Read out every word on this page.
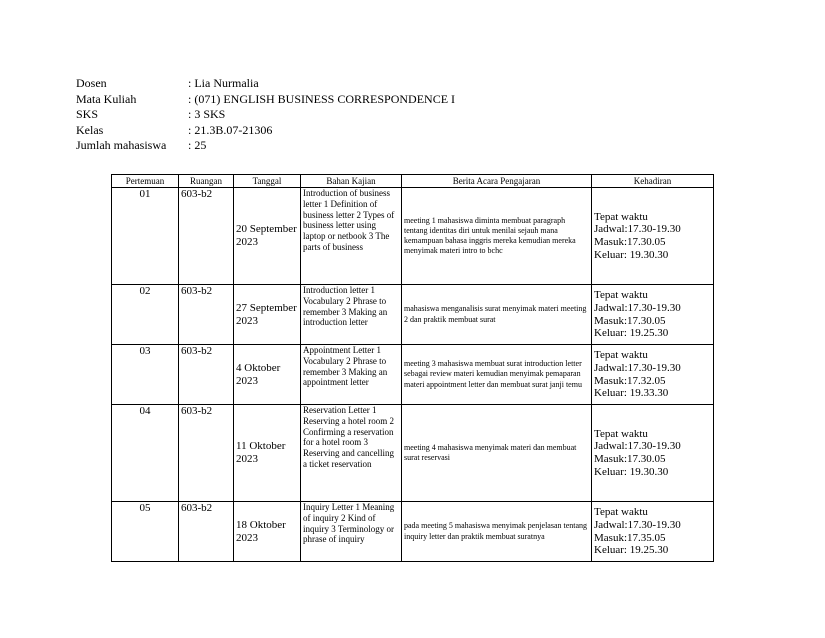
Dosen	: Lia Nurmalia
Mata Kuliah	: (071) ENGLISH BUSINESS CORRESPONDENCE I
SKS	: 3 SKS
Kelas	: 21.3B.07-21306
Jumlah mahasiswa	: 25
Pertemuan	Ruangan	Tanggal	Bahan Kajian	Berita Acara Pengajaran	Kehadiran
01	603-b2	20 September 2023	Introduction of business letter 1 Definition of business letter 2 Types of business letter using laptop or netbook 3 The parts of business	meeting 1 mahasiswa diminta membuat paragraph tentang identitas diri untuk menilai sejauh mana kemampuan bahasa inggris mereka kemudian mereka menyimak materi intro to bchc	Tepat waktu
Jadwal:17.30-19.30
Masuk:17.30.05
Keluar: 19.30.30
02	603-b2	27 September 2023	Introduction letter 1 Vocabulary 2 Phrase to remember 3 Making an introduction letter	mahasiswa menganalisis surat menyimak materi meeting 2 dan praktik membuat surat	Tepat waktu
Jadwal:17.30-19.30
Masuk:17.30.05
Keluar: 19.25.30
03	603-b2	4 Oktober 2023	Appointment Letter 1 Vocabulary 2 Phrase to remember 3 Making an appointment letter	meeting 3 mahasiswa membuat surat introduction letter sebagai review materi kemudian menyimak pemaparan materi appointment letter dan membuat surat janji temu	Tepat waktu
Jadwal:17.30-19.30
Masuk:17.32.05
Keluar: 19.33.30
04	603-b2	11 Oktober 2023	Reservation Letter 1 Reserving a hotel room 2 Confirming a reservation for a hotel room 3 Reserving and cancelling a ticket reservation	meeting 4 mahasiswa menyimak materi dan membuat surat reservasi	Tepat waktu
Jadwal:17.30-19.30
Masuk:17.30.05
Keluar: 19.30.30
05	603-b2	18 Oktober 2023	Inquiry Letter 1 Meaning of inquiry 2 Kind of inquiry 3 Terminology or phrase of inquiry	pada meeting 5 mahasiswa menyimak penjelasan tentang inquiry letter dan praktik membuat suratnya	Tepat waktu
Jadwal:17.30-19.30
Masuk:17.35.05
Keluar: 19.25.30
